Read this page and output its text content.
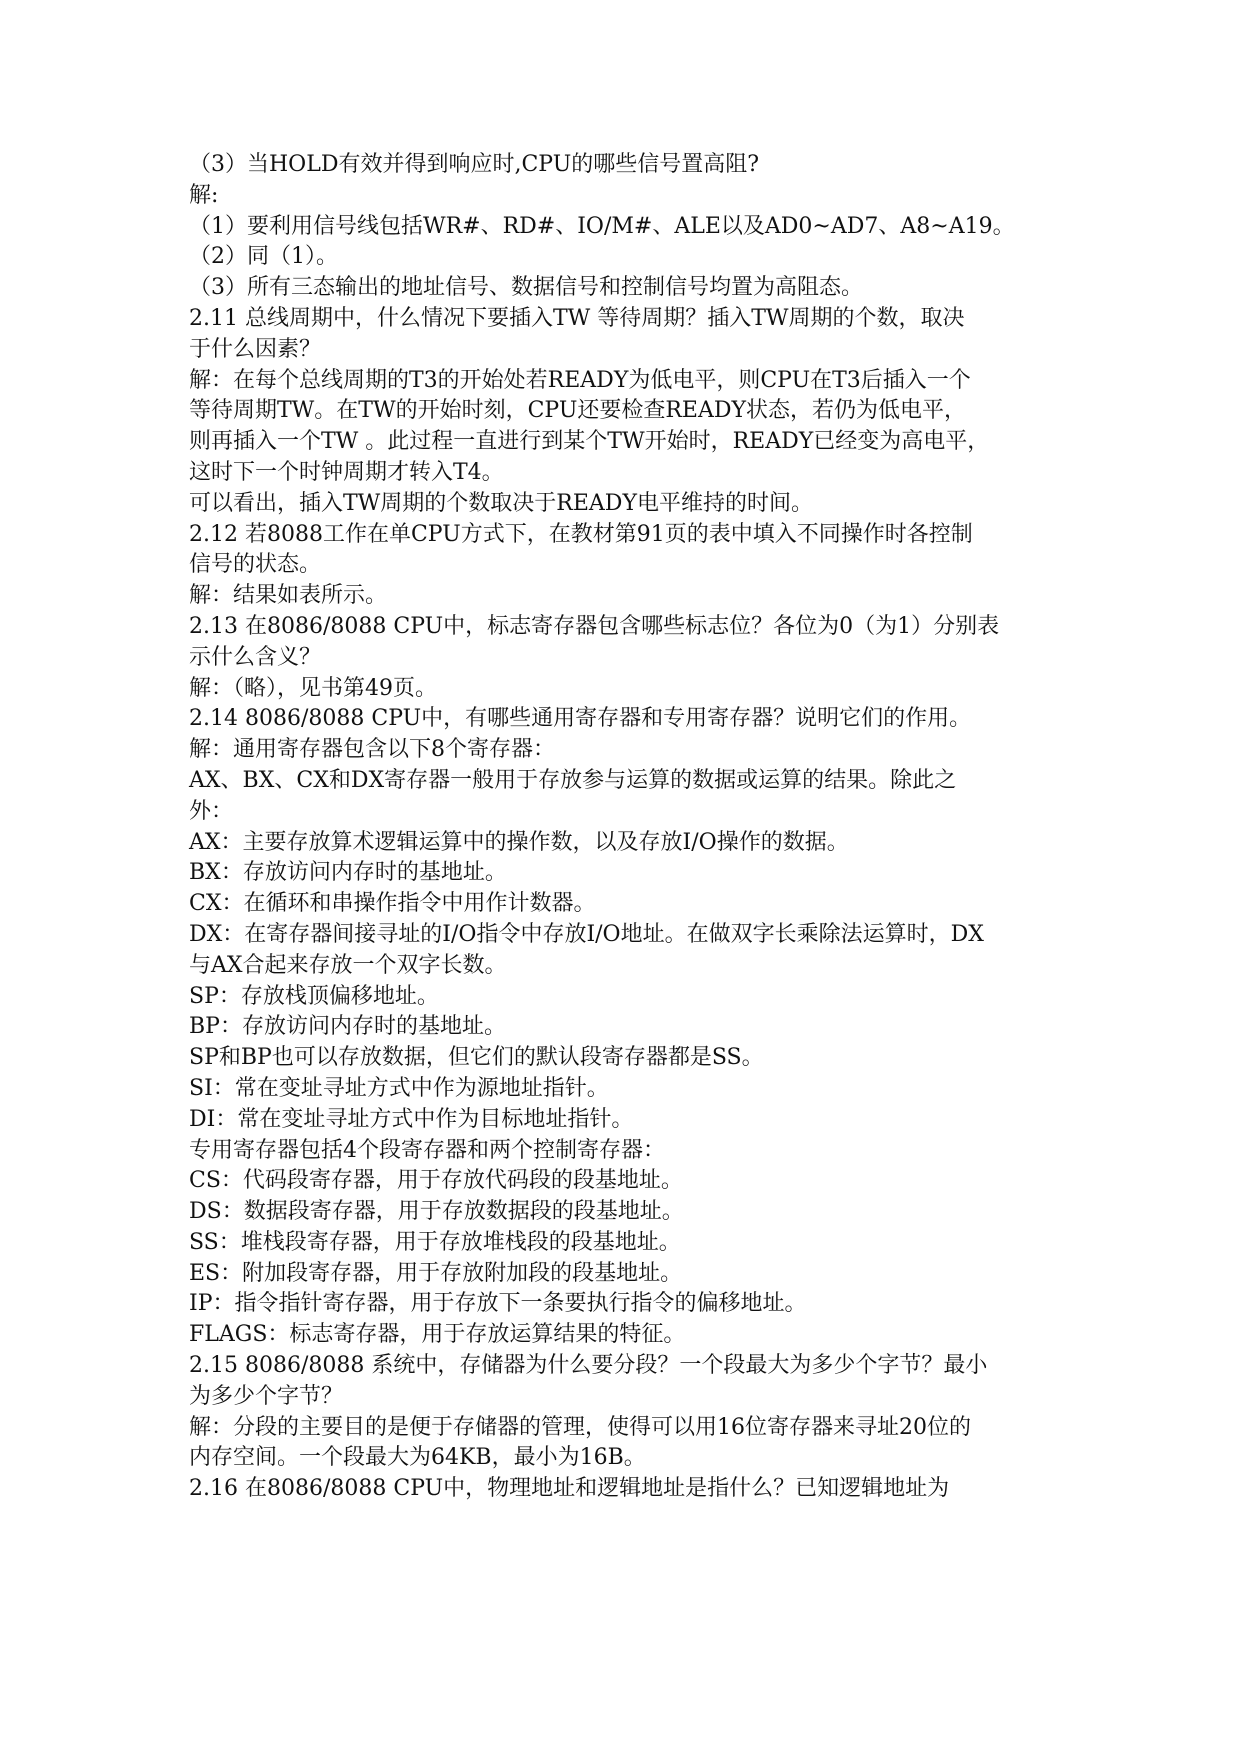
（3）当HOLD有效并得到响应时,CPU的哪些信号置高阻?
解:
（1）要利用信号线包括WR#、RD#、IO/M#、ALE以及AD0~AD7、A8~A19。
（2）同（1）。
（3）所有三态输出的地址信号、数据信号和控制信号均置为高阻态。
2.11 总线周期中，什么情况下要插入TW 等待周期？插入TW周期的个数，取决
于什么因素？
解：在每个总线周期的T3的开始处若READY为低电平，则CPU在T3后插入一个
等待周期TW。在TW的开始时刻，CPU还要检查READY状态，若仍为低电平，
则再插入一个TW 。此过程一直进行到某个TW开始时，READY已经变为高电平，
这时下一个时钟周期才转入T4。
可以看出，插入TW周期的个数取决于READY电平维持的时间。
2.12 若8088工作在单CPU方式下，在教材第91页的表中填入不同操作时各控制
信号的状态。
解：结果如表所示。
2.13 在8086/8088 CPU中，标志寄存器包含哪些标志位？各位为0（为1）分别表
示什么含义？
解：（略），见书第49页。
2.14 8086/8088 CPU中，有哪些通用寄存器和专用寄存器？说明它们的作用。
解：通用寄存器包含以下8个寄存器：
AX、BX、CX和DX寄存器一般用于存放参与运算的数据或运算的结果。除此之
外：
AX：主要存放算术逻辑运算中的操作数，以及存放I/O操作的数据。
BX：存放访问内存时的基地址。
CX：在循环和串操作指令中用作计数器。
DX：在寄存器间接寻址的I/O指令中存放I/O地址。在做双字长乘除法运算时，DX
与AX合起来存放一个双字长数。
SP：存放栈顶偏移地址。
BP：存放访问内存时的基地址。
SP和BP也可以存放数据，但它们的默认段寄存器都是SS。
SI：常在变址寻址方式中作为源地址指针。
DI：常在变址寻址方式中作为目标地址指针。
专用寄存器包括4个段寄存器和两个控制寄存器：
CS：代码段寄存器，用于存放代码段的段基地址。
DS：数据段寄存器，用于存放数据段的段基地址。
SS：堆栈段寄存器，用于存放堆栈段的段基地址。
ES：附加段寄存器，用于存放附加段的段基地址。
IP：指令指针寄存器，用于存放下一条要执行指令的偏移地址。
FLAGS：标志寄存器，用于存放运算结果的特征。
2.15 8086/8088 系统中，存储器为什么要分段？一个段最大为多少个字节？最小
为多少个字节？
解：分段的主要目的是便于存储器的管理，使得可以用16位寄存器来寻址20位的
内存空间。一个段最大为64KB，最小为16B。
2.16 在8086/8088 CPU中，物理地址和逻辑地址是指什么？已知逻辑地址为
